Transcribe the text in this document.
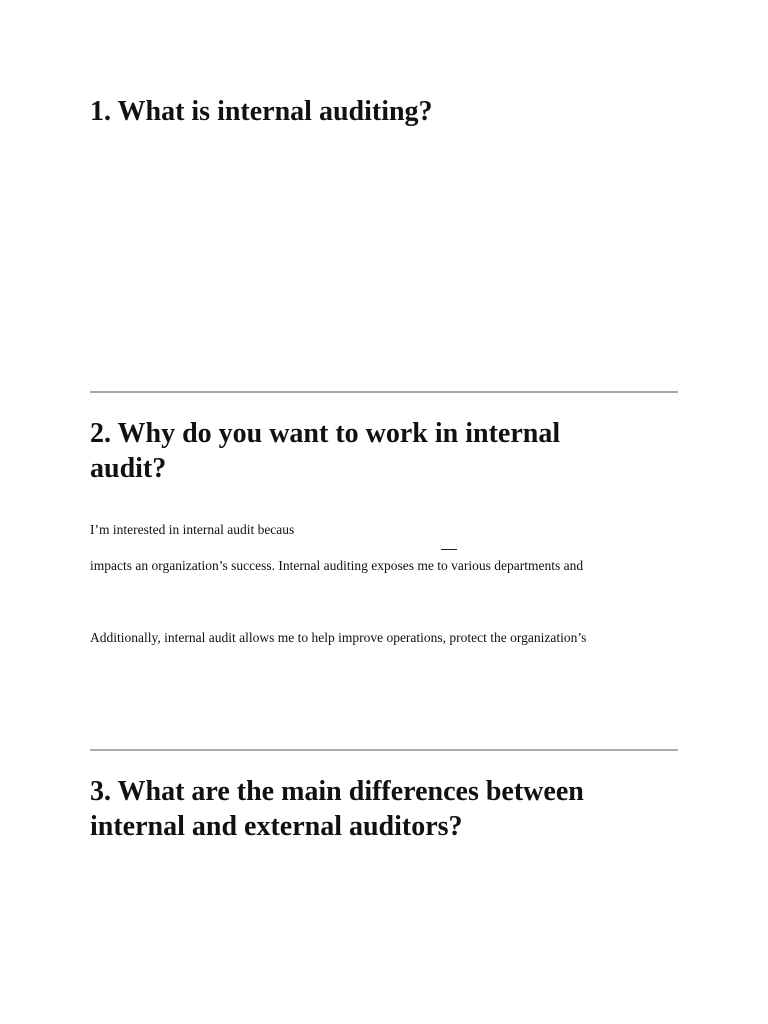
1. What is internal auditing?
2. Why do you want to work in internal
audit?

I’m interested in internal audit becaus

impacts an organization’s success. Internal auditing exposes me to various departments and

Additionally, internal audit allows me to help improve operations, protect the organization’s

3. What are the main differences between
internal and external auditors?
